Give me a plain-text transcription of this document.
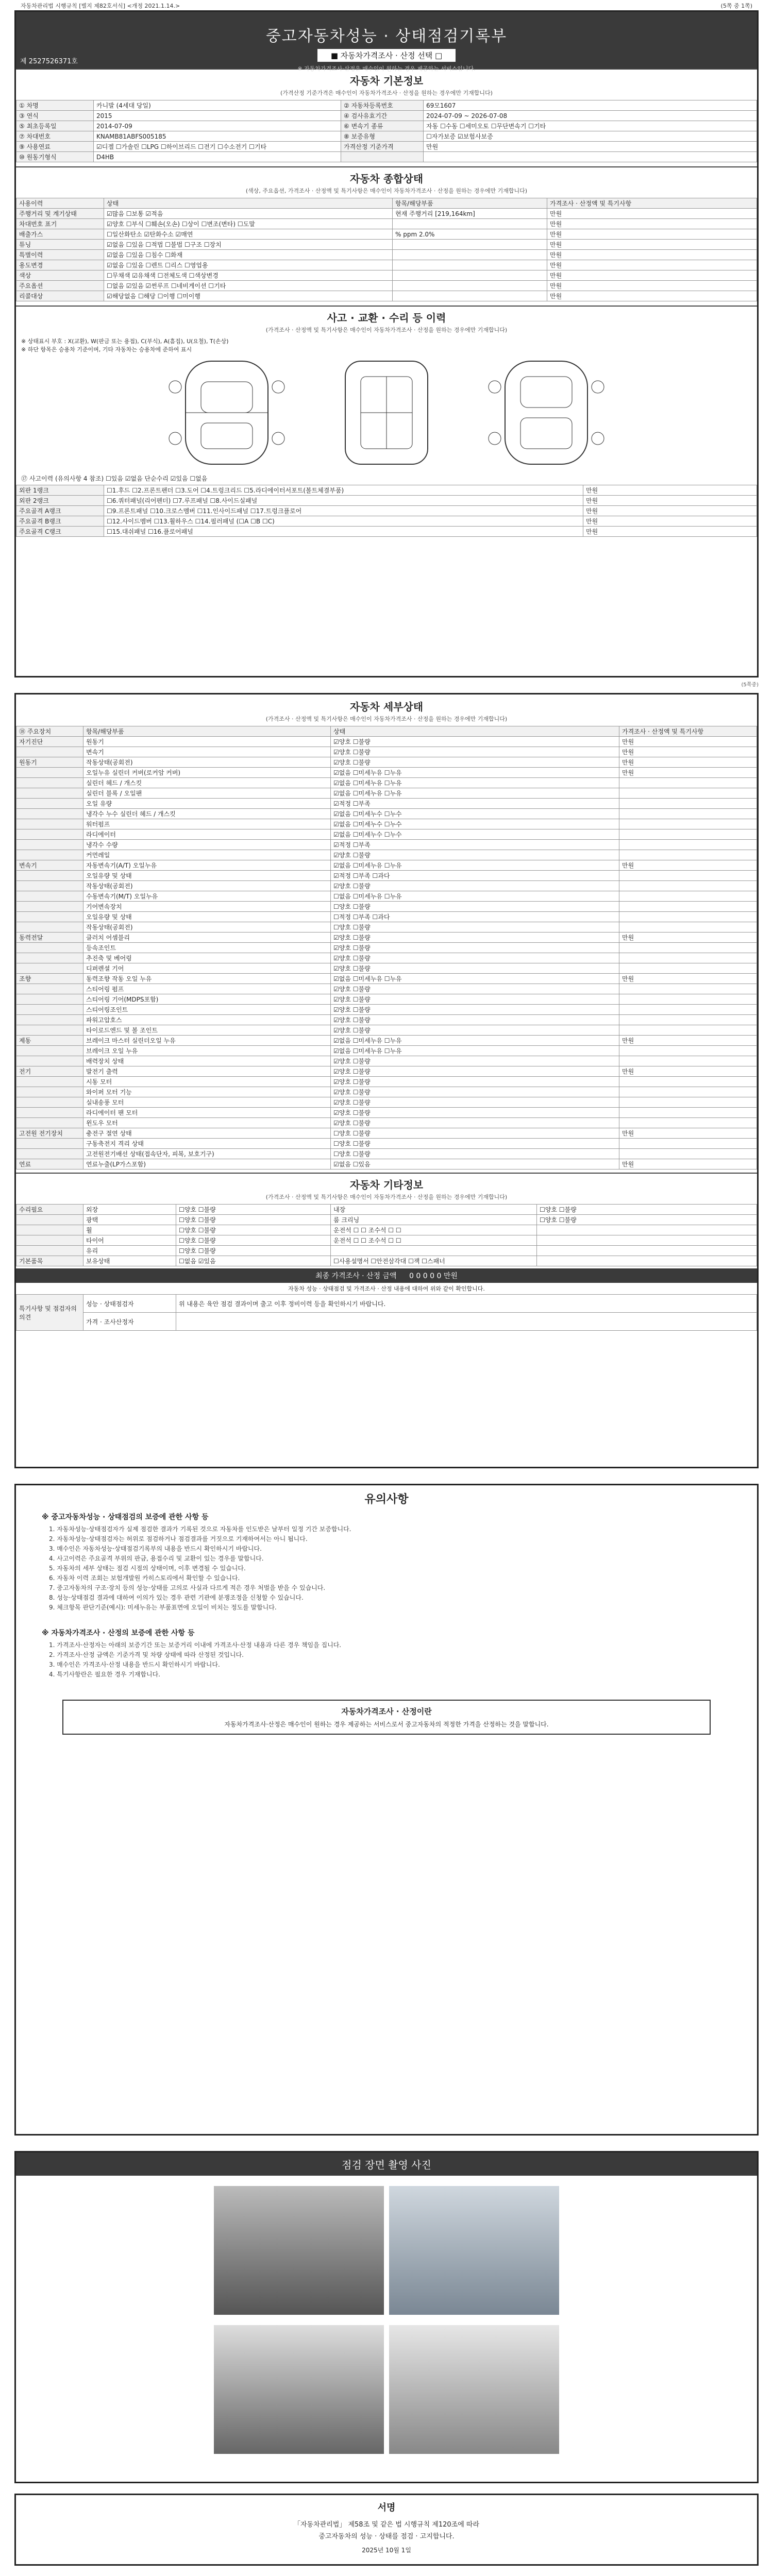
자동차관리법 시행규칙 [별지 제82호서식] <개정 2021.1.14.>	(5쪽 중 1쪽)
중고자동차성능 · 상태점검기록부
■ 자동차가격조사 · 산정 선택 □
※ 자동차가격조사·산정은 매수인이 원하는 경우 제공하는 서비스입니다.
제 2527526371호
자동차 기본정보
(가격산정 기준가격은 매수인이 자동차가격조사 · 산정을 원하는 경우에만 기재합니다)
① 차명	카니발 (4세대 당일)	② 자동차등록번호	69모1607
③ 연식	2015	④ 검사유효기간	2024-07-09 ~ 2026-07-08
⑤ 최초등록일	2014-07-09	⑥ 변속기 종류	자동 ☐수동 ☐세미오토 ☐무단변속기 ☐기타
⑦ 차대번호	KNAMB81ABFS005185	⑧ 보증유형	☐자가보증 ☑보험사보증
⑨ 사용연료	☑디젤 ☐가솔린 ☐LPG ☐하이브리드 ☐전기 ☐수소전기 ☐기타	가격산정 기준가격	만원
⑩ 원동기형식	D4HB		
자동차 종합상태
(색상, 주요옵션, 가격조사 · 산정액 및 특기사항은 매수인이 자동차가격조사 · 산정을 원하는 경우에만 기재합니다)
사용이력	상태	항목/해당부품	가격조사 · 산정액 및 특기사항
주행거리 및 계기상태	☑많음 ☐보통 ☑적음	현재 주행거리 [219,164km]	만원
차대번호 표기	☑양호 ☐부식 ☐훼손(오손) ☐상이 ☐변조(변타) ☐도말		만원
배출가스	☐일산화탄소 ☑탄화수소 ☑매연	% ppm 2.0%	만원
튜닝	☑없음 ☐있음 ☐적법 ☐불법 ☐구조 ☐장치		만원
특별이력	☑없음 ☐있음 ☐침수 ☐화재		만원
용도변경	☑없음 ☐있음 ☐렌트 ☐리스 ☐영업용		만원
색상	☐무채색 ☑유채색 ☐전체도색 ☐색상변경		만원
주요옵션	☐없음 ☑있음 ☑썬루프 ☐네비게이션 ☐기타		만원
리콜대상	☑해당없음 ☐해당 ☐이행 ☐미이행		만원
사고 · 교환 · 수리 등 이력
(가격조사 · 산정액 및 특기사항은 매수인이 자동차가격조사 · 산정을 원하는 경우에만 기재합니다)
※ 상태표시 부호 : X(교환), W(판금 또는 용접), C(부식), A(흠집), U(요철), T(손상)
※ 하단 항목은 승용차 기준이며, 기타 자동차는 승용차에 준하여 표시
⑰ 사고이력 (유의사항 4 참조) ☐있음 ☑없음 단순수리 ☑있음 ☐없음
외판 1랭크	☐1.후드 ☐2.프론트펜더 ☐3.도어 ☐4.트렁크리드 ☐5.라디에이터서포트(볼트체결부품)	만원
외판 2랭크	☐6.쿼터패널(리어펜더) ☐7.루프패널 ☐8.사이드실패널	만원
주요골격 A랭크	☐9.프론트패널 ☐10.크로스멤버 ☐11.인사이드패널 ☐17.트렁크플로어	만원
주요골격 B랭크	☐12.사이드멤버 ☐13.휠하우스 ☐14.필러패널 (☐A ☐B ☐C)	만원
주요골격 C랭크	☐15.대쉬패널 ☐16.플로어패널	만원
(5쪽중)
자동차 세부상태
(가격조사 · 산정액 및 특기사항은 매수인이 자동차가격조사 · 산정을 원하는 경우에만 기재합니다)
⑱ 주요장치	항목/해당부품	상태	가격조사 · 산정액 및 특기사항
자기진단	원동기	☑양호 ☐불량	만원
	변속기	☑양호 ☐불량	만원
원동기	작동상태(공회전)	☑양호 ☐불량	만원
	오일누유 실린더 커버(로커암 커버)	☑없음 ☐미세누유 ☐누유	만원
	실린더 헤드 / 개스킷	☑없음 ☐미세누유 ☐누유	
	실린더 블록 / 오일팬	☑없음 ☐미세누유 ☐누유	
	오일 유량	☑적정 ☐부족	
	냉각수 누수 실린더 헤드 / 개스킷	☑없음 ☐미세누수 ☐누수	
	워터펌프	☑없음 ☐미세누수 ☐누수	
	라디에이터	☑없음 ☐미세누수 ☐누수	
	냉각수 수량	☑적정 ☐부족	
	커먼레일	☑양호 ☐불량	
변속기	자동변속기(A/T) 오일누유	☑없음 ☐미세누유 ☐누유	만원
	오일유량 및 상태	☑적정 ☐부족 ☐과다	
	작동상태(공회전)	☑양호 ☐불량	
	수동변속기(M/T) 오일누유	☐없음 ☐미세누유 ☐누유	
	기어변속장치	☐양호 ☐불량	
	오일유량 및 상태	☐적정 ☐부족 ☐과다	
	작동상태(공회전)	☐양호 ☐불량	
동력전달	클러치 어셈블리	☑양호 ☐불량	만원
	등속조인트	☑양호 ☐불량	
	추진축 및 베어링	☑양호 ☐불량	
	디퍼렌셜 기어	☑양호 ☐불량	
조향	동력조향 작동 오일 누유	☑없음 ☐미세누유 ☐누유	만원
	스티어링 펌프	☑양호 ☐불량	
	스티어링 기어(MDPS포함)	☑양호 ☐불량	
	스티어링조인트	☑양호 ☐불량	
	파워고압호스	☑양호 ☐불량	
	타이로드엔드 및 볼 조인트	☑양호 ☐불량	
제동	브레이크 마스터 실린더오일 누유	☑없음 ☐미세누유 ☐누유	만원
	브레이크 오일 누유	☑없음 ☐미세누유 ☐누유	
	배력장치 상태	☑양호 ☐불량	
전기	발전기 출력	☑양호 ☐불량	만원
	시동 모터	☑양호 ☐불량	
	와이퍼 모터 기능	☑양호 ☐불량	
	실내송풍 모터	☑양호 ☐불량	
	라디에이터 팬 모터	☑양호 ☐불량	
	윈도우 모터	☑양호 ☐불량	
고전원 전기장치	충전구 절연 상태	☐양호 ☐불량	만원
	구동축전지 격리 상태	☐양호 ☐불량	
	고전원전기배선 상태(접속단자, 피복, 보호기구)	☐양호 ☐불량	
연료	연료누출(LP가스포함)	☑없음 ☐있음	만원
자동차 기타정보
(가격조사 · 산정액 및 특기사항은 매수인이 자동차가격조사 · 산정을 원하는 경우에만 기재합니다)
수리필요	외장	☐양호 ☐불량	내장	☐양호 ☐불량
	광택	☐양호 ☐불량	룸 크리닝	☐양호 ☐불량
	휠	☐양호 ☐불량	운전석 ☐ ☐ 조수석 ☐ ☐	
	타이어	☐양호 ☐불량	운전석 ☐ ☐ 조수석 ☐ ☐	
	유리	☐양호 ☐불량		
기본품목	보유상태	☐없음 ☑있음	☐사용설명서 ☐안전삼각대 ☐잭 ☐스패너	
최종 가격조사 · 산정 금액 0 0 0 0 0 만원
자동차 성능 · 상태점검 및 가격조사 · 산정 내용에 대하여 위와 같이 확인합니다.
특기사항 및 점검자의 의견	성능 · 상태점검자	위 내용은 육안 점검 결과이며 출고 이후 정비이력 등을 확인하시기 바랍니다.
	가격 · 조사산정자	
유의사항
※ 중고자동차성능 · 상태점검의 보증에 관한 사항 등

1. 자동차성능·상태점검자가 실제 점검한 결과가 기록된 것으로 자동차를 인도받은 날부터 일정 기간 보증합니다.

2. 자동차성능·상태점검자는 허위로 점검하거나 점검결과를 거짓으로 기재하여서는 아니 됩니다.

3. 매수인은 자동차성능·상태점검기록부의 내용을 반드시 확인하시기 바랍니다.

4. 사고이력은 주요골격 부위의 판금, 용접수리 및 교환이 있는 경우를 말합니다.

5. 자동차의 세부 상태는 점검 시점의 상태이며, 이후 변경될 수 있습니다.

6. 자동차 이력 조회는 보험개발원 카히스토리에서 확인할 수 있습니다.

7. 중고자동차의 구조·장치 등의 성능·상태를 고의로 사실과 다르게 적은 경우 처벌을 받을 수 있습니다.

8. 성능·상태점검 결과에 대하여 이의가 있는 경우 관련 기관에 분쟁조정을 신청할 수 있습니다.

9. 체크항목 판단기준(예시): 미세누유는 부품표면에 오일이 비치는 정도를 말합니다.

※ 자동차가격조사 · 산정의 보증에 관한 사항 등

1. 가격조사·산정자는 아래의 보증기간 또는 보증거리 이내에 가격조사·산정 내용과 다른 경우 책임을 집니다.

2. 가격조사·산정 금액은 기준가격 및 차량 상태에 따라 산정된 것입니다.

3. 매수인은 가격조사·산정 내용을 반드시 확인하시기 바랍니다.

4. 특기사항란은 필요한 경우 기재합니다.

자동차가격조사 · 산정이란
자동차가격조사·산정은 매수인이 원하는 경우 제공하는 서비스로서 중고자동차의 적정한 가격을 산정하는 것을 말합니다.
점검 장면 촬영 사진
서명
「자동차관리법」 제58조 및 같은 법 시행규칙 제120조에 따라
중고자동차의 성능 · 상태를 점검 · 고지합니다.
2025년 10월 1일
